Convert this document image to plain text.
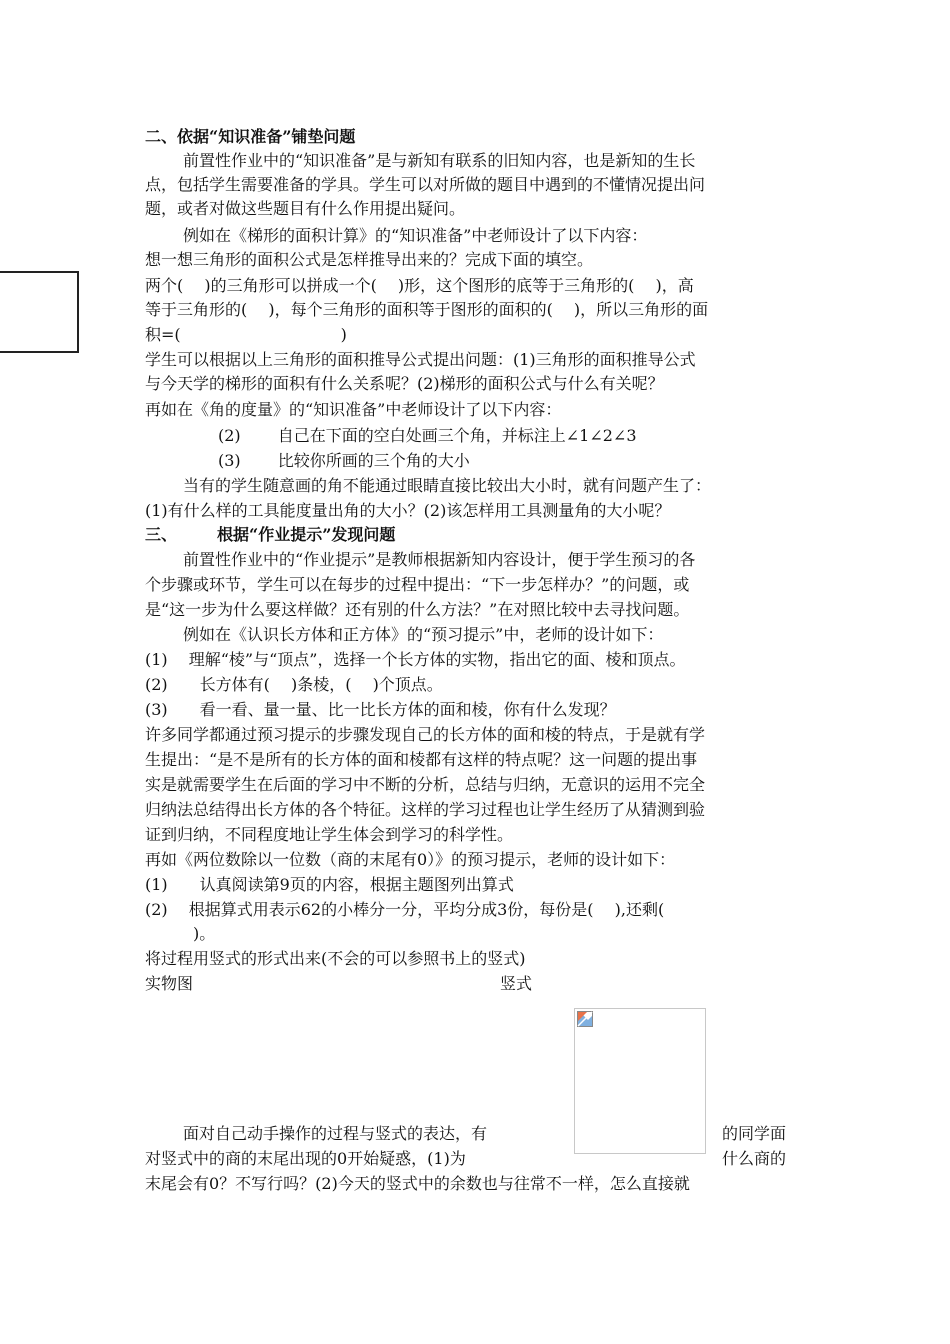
二、依据“知识准备”铺垫问题
前置性作业中的“知识准备”是与新知有联系的旧知内容，也是新知的生长
点，包括学生需要准备的学具。学生可以对所做的题目中遇到的不懂情况提出问
题，或者对做这些题目有什么作用提出疑问。
例如在《梯形的面积计算》的“知识准备”中老师设计了以下内容：
想一想三角形的面积公式是怎样推导出来的？完成下面的填空。
两个(　 )的三角形可以拼成一个(　 )形，这个图形的底等于三角形的(　 )，高
等于三角形的(　 )，每个三角形的面积等于图形的面积的(　 )，所以三角形的面
积=(　　　　　　　　　　)
学生可以根据以上三角形的面积推导公式提出问题：(1)三角形的面积推导公式
与今天学的梯形的面积有什么关系呢？(2)梯形的面积公式与什么有关呢？
再如在《角的度量》的“知识准备”中老师设计了以下内容：
(2)　　 自己在下面的空白处画三个角，并标注上∠1∠2∠3
(3)　　 比较你所画的三个角的大小
当有的学生随意画的角不能通过眼睛直接比较出大小时，就有问题产生了：
(1)有什么样的工具能度量出角的大小？(2)该怎样用工具测量角的大小呢？
三、　　　根据“作业提示”发现问题
前置性作业中的“作业提示”是教师根据新知内容设计，便于学生预习的各
个步骤或环节，学生可以在每步的过程中提出：“下一步怎样办？”的问题，或
是“这一步为什么要这样做？还有别的什么方法？”在对照比较中去寻找问题。
例如在《认识长方体和正方体》的“预习提示”中，老师的设计如下：
(1)　 理解“棱”与“顶点”，选择一个长方体的实物，指出它的面、棱和顶点。
(2)　　长方体有(　 )条棱，(　 )个顶点。
(3)　　看一看、量一量、比一比长方体的面和棱，你有什么发现？
许多同学都通过预习提示的步骤发现自己的长方体的面和棱的特点，于是就有学
生提出：“是不是所有的长方体的面和棱都有这样的特点呢？这一问题的提出事
实是就需要学生在后面的学习中不断的分析，总结与归纳，无意识的运用不完全
归纳法总结得出长方体的各个特征。这样的学习过程也让学生经历了从猜测到验
证到归纳，不同程度地让学生体会到学习的科学性。
再如《两位数除以一位数（商的末尾有0）》的预习提示，老师的设计如下：
(1)　　认真阅读第9页的内容，根据主题图列出算式
(2)　 根据算式用表示62的小棒分一分，平均分成3份，每份是(　 ),还剩(
　　　)。
将过程用竖式的形式出来(不会的可以参照书上的竖式)
实物图	竖式
面对自己动手操作的过程与竖式的表达，有	的同学面
对竖式中的商的末尾出现的0开始疑惑，(1)为	什么商的
末尾会有0？不写行吗？(2)今天的竖式中的余数也与往常不一样，怎么直接就
